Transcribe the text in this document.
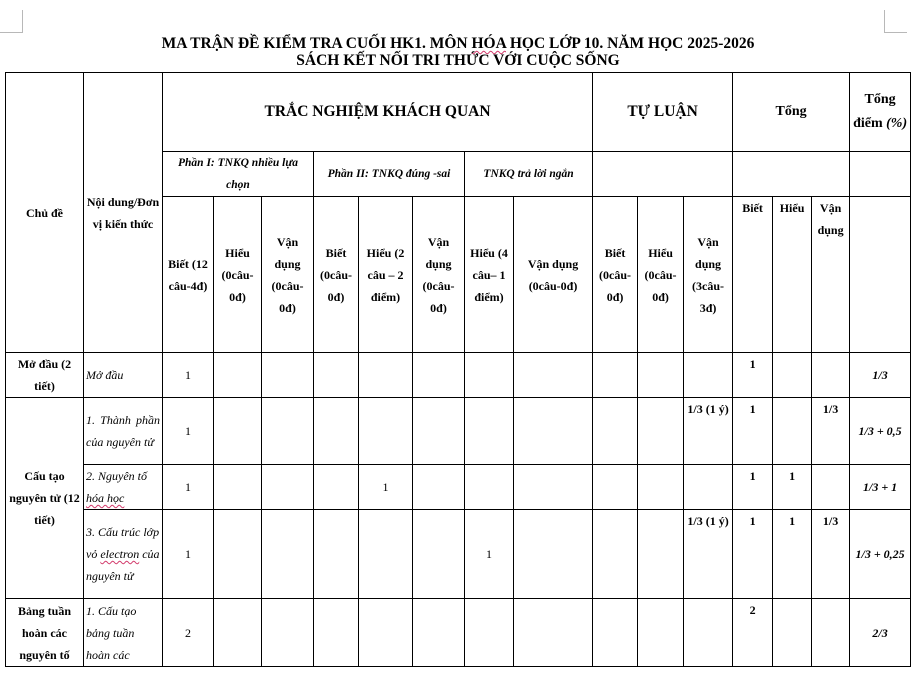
MA TRẬN ĐỀ KIỂM TRA CUỐI HK1. MÔN HÓA HỌC LỚP 10. NĂM HỌC 2025-2026
SÁCH KẾT NỐI TRI THỨC VỚI CUỘC SỐNG
Chủ đề	Nội dung/Đơn vị kiến thức	TRẮC NGHIỆM KHÁCH QUAN								TỰ LUẬN			Tổng			Tổng điểm (%)
		Phần I: TNKQ nhiều lựa chọn			Phần II: TNKQ đúng -sai			TNKQ trả lời ngắn								
		Biết (12 câu-4đ)	Hiểu (0câu-0đ)	Vận dụng (0câu-0đ)	Biết (0câu-0đ)	Hiểu (2 câu – 2 điểm)	Vận dụng (0câu-0đ)	Hiểu (4 câu– 1 điểm)	Vận dụng (0câu-0đ)	Biết (0câu-0đ)	Hiểu (0câu-0đ)	Vận dụng (3câu-3đ)	Biết	Hiểu	Vận dụng	
Mở đầu (2 tiết)	Mở đầu	1											1			1/3
Cấu tạo nguyên tử (12 tiết)	1. Thành phần của nguyên tử	1										1/3 (1 ý)	1		1/3	1/3 + 0,5
	2. Nguyên tố hóa học	1				1							1	1		1/3 + 1
	3. Cấu trúc lớp vỏ electron của nguyên tử	1						1				1/3 (1 ý)	1	1	1/3	1/3 + 0,25
Bảng tuần hoàn các nguyên tố	1. Cấu tạo bảng tuần hoàn các	2											2			2/3
